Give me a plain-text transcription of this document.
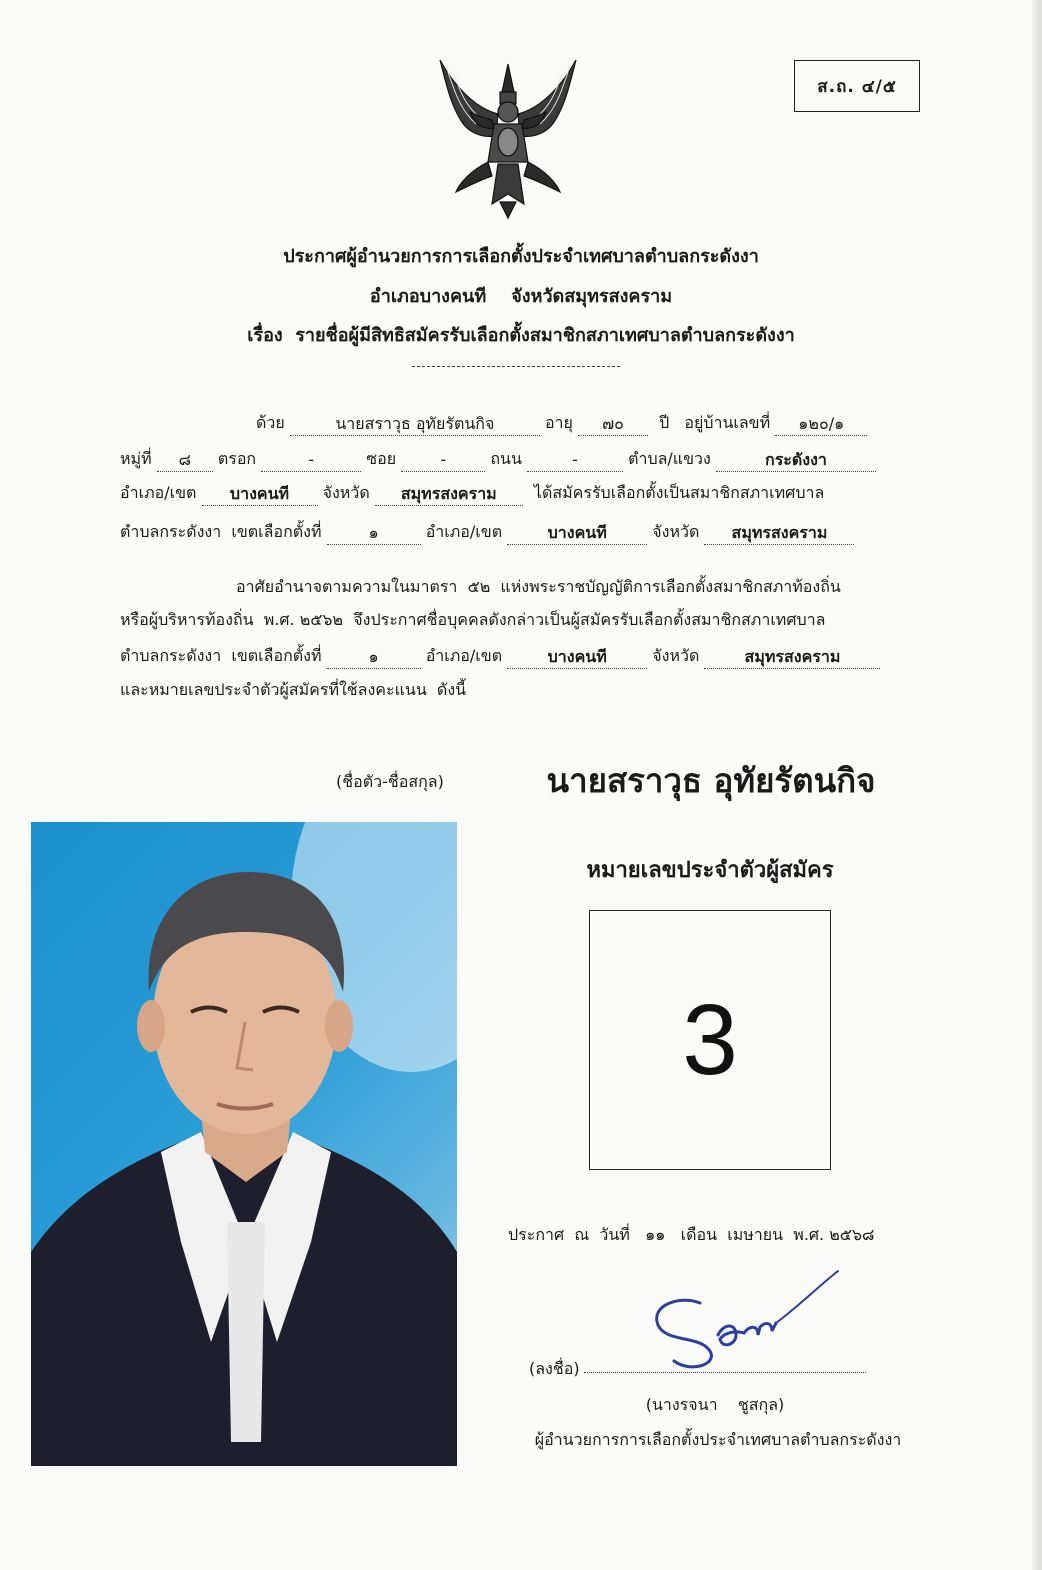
ส.ถ. ๔/๕
ประกาศผู้อำนวยการการเลือกตั้งประจำเทศบาลตำบลกระดังงา
อำเภอบางคนที    จังหวัดสมุทรสงคราม
เรื่อง  รายชื่อผู้มีสิทธิสมัครรับเลือกตั้งสมาชิกสภาเทศบาลตำบลกระดังงา
ด้วย	นายสราวุธ อุทัยรัตนกิจ	อายุ ๗๐ ปี อยู่บ้านเลขที่ ๑๒๐/๑
หมู่ที่ ๘ ตรอก	-	ซอย	-	ถนน	-	ตำบล/แขวง	กระดังงา
อำเภอ/เขต บางคนที จังหวัด สมุทรสงคราม ได้สมัครรับเลือกตั้งเป็นสมาชิกสภาเทศบาล
ตำบลกระดังงา  เขตเลือกตั้งที่	๑	อำเภอ/เขต	บางคนที	จังหวัด สมุทรสงคราม
อาศัยอำนาจตามความในมาตรา  ๕๒  แห่งพระราชบัญญัติการเลือกตั้งสมาชิกสภาท้องถิ่น
หรือผู้บริหารท้องถิ่น  พ.ศ. ๒๕๖๒  จึงประกาศชื่อบุคคลดังกล่าวเป็นผู้สมัครรับเลือกตั้งสมาชิกสภาเทศบาล
ตำบลกระดังงา  เขตเลือกตั้งที่	๑	อำเภอ/เขต	บางคนที	จังหวัด	สมุทรสงคราม
และหมายเลขประจำตัวผู้สมัครที่ใช้ลงคะแนน  ดังนี้
(ชื่อตัว-ชื่อสกุล)	นายสราวุธ อุทัยรัตนกิจ
หมายเลขประจำตัวผู้สมัคร
3
ประกาศ  ณ  วันที่   ๑๑   เดือน  เมษายน  พ.ศ. ๒๕๖๘
(ลงชื่อ)
(นางรจนา    ชูสกุล)
ผู้อำนวยการการเลือกตั้งประจำเทศบาลตำบลกระดังงา
